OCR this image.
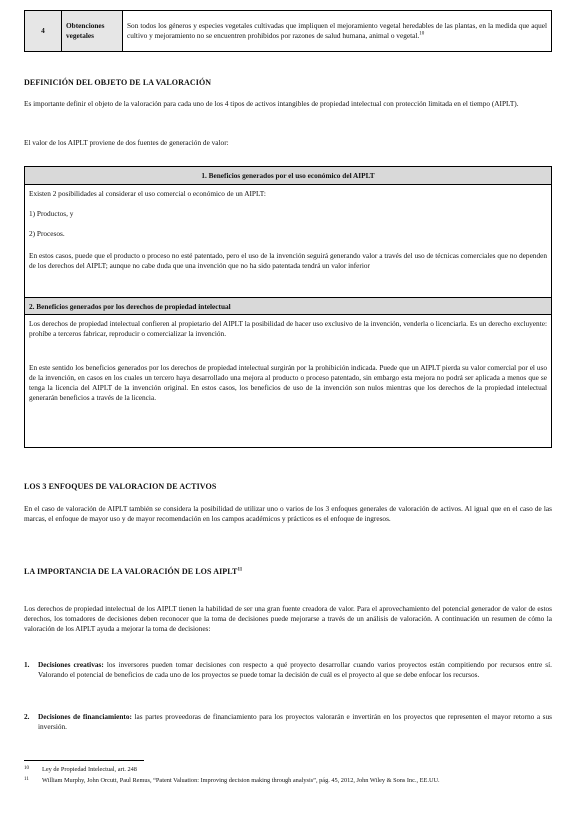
4	Obtenciones vegetales	Son todos los géneros y especies vegetales cultivadas que impliquen el mejoramiento vegetal heredables de las plantas, en la medida que aquel cultivo y mejoramiento no se encuentren prohibidos por razones de salud humana, animal o vegetal.$^{10}$

DEFINICIÓN DEL OBJETO DE LA VALORACIÓN

Es importante definir el objeto de la valoración para cada uno de los 4 tipos de activos intangibles de propiedad intelectual con protección limitada en el tiempo (AIPLT).

El valor de los AIPLT proviene de dos fuentes de generación de valor:

1. Beneficios generados por el uso económico del AIPLT

Existen 2 posibilidades al considerar el uso comercial o económico de un AIPLT:

1) Productos, y

2) Procesos.

En estos casos, puede que el producto o proceso no esté patentado, pero el uso de la invención seguirá generando valor a través del uso de técnicas comerciales que no dependen de los derechos del AIPLT; aunque no cabe duda que una invención que no ha sido patentada tendrá un valor inferior

2. Beneficios generados por los derechos de propiedad intelectual

Los derechos de propiedad intelectual confieren al propietario del AIPLT la posibilidad de hacer uso exclusivo de la invención, venderla o licenciarla. Es un derecho excluyente: prohíbe a terceros fabricar, reproducir o comercializar la invención.

En este sentido los beneficios generados por los derechos de propiedad intelectual surgirán por la prohibición indicada. Puede que un AIPLT pierda su valor comercial por el uso de la invención, en casos en los cuales un tercero haya desarrollado una mejora al producto o proceso patentado, sin embargo esta mejora no podrá ser aplicada a menos que se tenga la licencia del AIPLT de la invención original. En estos casos, los beneficios de uso de la invención son nulos mientras que los derechos de la propiedad intelectual generarán beneficios a través de la licencia.

LOS 3 ENFOQUES DE VALORACION DE ACTIVOS

En el caso de valoración de AIPLT también se considera la posibilidad de utilizar uno o varios de los 3 enfoques generales de valoración de activos. Al igual que en el caso de las marcas, el enfoque de mayor uso y de mayor recomendación en los campos académicos y prácticos es el enfoque de ingresos.

LA IMPORTANCIA DE LA VALORACIÓN DE LOS AIPLT$^{11}$

Los derechos de propiedad intelectual de los AIPLT tienen la habilidad de ser una gran fuente creadora de valor. Para el aprovechamiento del potencial generador de valor de estos derechos, los tomadores de decisiones deben reconocer que la toma de decisiones puede mejorarse a través de un análisis de valoración. A continuación un resumen de cómo la valoración de los AIPLT ayuda a mejorar la toma de decisiones:

1. Decisiones creativas: los inversores pueden tomar decisiones con respecto a qué proyecto desarrollar cuando varios proyectos están compitiendo por recursos entre sí. Valorando el potencial de beneficios de cada uno de los proyectos se puede tomar la decisión de cuál es el proyecto al que se debe enfocar los recursos.
2. Decisiones de financiamiento: las partes proveedoras de financiamiento para los proyectos valorarán e invertirán en los proyectos que representen el mayor retorno a sus inversión.
10 Ley de Propiedad Intelectual, art. 248
11 William Murphy, John Orcutt, Paul Remus, “Patent Valuation: Improving decision making through analysis”, pág. 45, 2012, John Wiley & Sons Inc., EE.UU.
